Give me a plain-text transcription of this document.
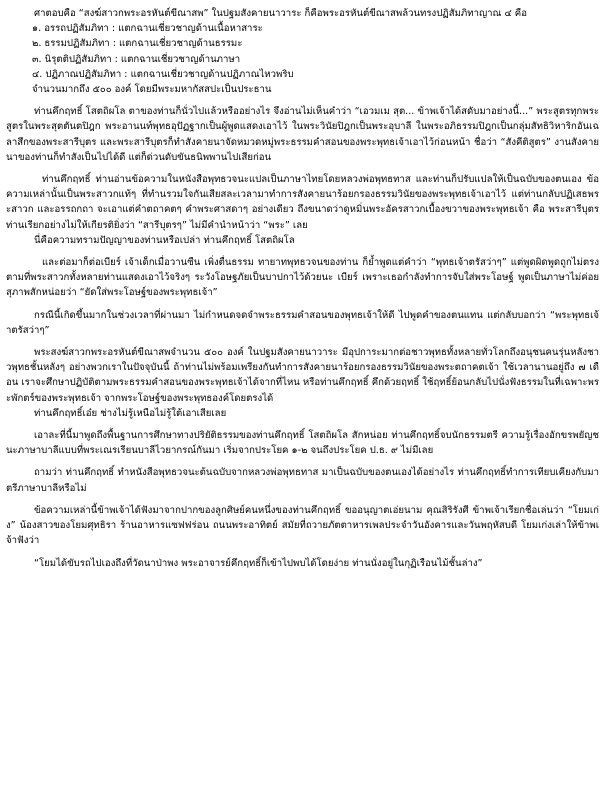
ศาตอบคือ “สงฆ์สาวกพระอรหันต์ขีณาสพ” ในปฐมสังคายนาวาระ ก็คือพระอรหันต์ขีณาสพล้วนทรงปฏิสัมภิทาญาณ ๔ คือ

๑. อรรถปฏิสัมภิทา : แตกฉานเชี่ยวชาญด้านเนื้อหาสาระ

๒. ธรรมปฏิสัมภิทา : แตกฉานเชี่ยวชาญด้านธรรมะ

๓. นิรุตติปฏิสัมภิทา : แตกฉานเชี่ยวชาญด้านภาษา

๔. ปฏิภาณปฏิสัมภิทา : แตกฉานเชี่ยวชาญด้านปฏิภาณไหวพริบ

จำนวนมากถึง ๕๐๐ องค์ โดยมีพระมหากัสสปะเป็นประธาน

ท่านคึกฤทธิ์ โสตถิผโล ตาของท่านก็นั่วไปแล้วหรืออย่างไร จึงอ่านไม่เห็นคำว่า “เอวมเม สุต... ข้าพเจ้าได้สดับมาอย่างนี้...” พระสูตรทุกพระสูตรในพระสุตตันตปิฎก พระอานนท์พุทธอุปัฏฐากเป็นผู้พูดแสดงเอาไว้ ในพระวินัยปิฎกเป็นพระอุบาลี ในพระอภิธรรมปิฎกเป็นกลุ่มสัทธิวิหาริกอันเฉลาสึกของพระสารีบุตร และพระสารีบุตรก็ทำสังคายนาจัดหมวดหมู่พระธรรมคำสอนของพระพุทธเจ้าเอาไว้ก่อนหน้า ชื่อว่า “สังคีติสูตร” งานสังคายนาของท่านก็ทำสังเป็นไปได้ดี แต่ก็ด่วนดับขันธนิพพานไปเสียก่อน

ท่านคึกฤทธิ์ ท่านอ่านข้อความในหนังสือพุทธวจนะแปลเป็นภาษาไทยโดยหลวงพ่อพุทธทาส และท่านก็ปรับแปลให้เป็นฉบับของตนเอง ข้อความเหล่านั้นเป็นพระสาวกแท้ๆ ที่ทำนรวมใจกันเสียสละเวลามาทำการสังคายนาร้อยกรองธรรมวินัยของพระพุทธเจ้าเอาไว้ แต่ท่านกลับปฏิเสธพระสาวก และอรรถกถา จะเอาแต่คำตถาคตๆ คำพระศาสดาๆ อย่างเดียว ถึงขนาดว่าดูหมิ่นพระอัครสาวกเบื้องขวาของพระพุทธเจ้า คือ พระสารีบุตร ท่านเรียกอย่างไม่ให้เกียรติยิ่งว่า “สารีบุตรๆ” ไม่มีคำนำหน้าว่า “พระ” เลย

นี่คือความทรามปัญญาของท่านหรือเปล่า ท่านคึกฤทธิ์ โสตถิผโล

และต่อมาก็ต่อเบียร์ เจ้าเด็กเมื่อวานซืน เพิ่งตื่นธรรม ทายาทพุทธวจนของท่าน ก็ย้ำพูดแต่คำว่า “พุทธเจ้าตรัสว่าๆ” แต่พูดผิดพูดถูกไม่ตรงตามที่พระสาวกทั้งหลายท่านแสดงเอาไว้จริงๆ ระวังโอษฐภัยเป็นบาปกาไว้ด้วยนะ เบียร์ เพราะเธอกำลังทำการจับใส่พระโอษฐ์ พูดเป็นภาษาไม่ค่อยสุภาพสักหน่อยว่า “ยัดใส่พระโอษฐ์ของพระพุทธเจ้า”

กรณีนี้เกิดขึ้นมากในช่วงเวลาที่ผ่านมา ไม่กำหนดจดจำพระธรรมคำสอนของพุทธเจ้าให้ดี ไปพูดคำของตนแทน แต่กลับบอกว่า “พระพุทธเจ้าตรัสว่าๆ”

พระสงฆ์สาวกพระอรหันต์ขีณาสพจำนวน ๕๐๐ องค์ ในปฐมสังคายนาวาระ มีอุปการะมากต่อชาวพุทธทั้งหลายทั่วโลกถึงอนุชนคนรุ่นหลังชาวพุทธชั้นหลังๆ อย่างพวกเราในปัจจุบันนี้ ถ้าท่านไม่พร้อมเพรียงกันทำการสังคายนาร้อยกรองธรรมวินัยของพระตถาคตเจ้า ใช้เวลานานอยู่ถึง ๗ เดือน เราจะศึกษาปฏิบัติตามพระธรรมคำสอนของพระพุทธเจ้าได้จากที่ไหน หรือท่านคึกฤทธิ์ คึกด้วยฤทธิ์ ใช้ฤทธิ์ย้อนกลับไปนั่งฟังธรรมในที่เฉพาะพระพักตร์ของพระพุทธเจ้า จากพระโอษฐ์ของพระพุทธองค์โดยตรงได้

ท่านคึกฤทธิ์เอ๋ย ช่างไม่รู้เหนือไม่รู้ใต้เอาเสียเลย

เอาละที่นี้มาพูดถึงพื้นฐานการศึกษาทางปริยัติธรรมของท่านคึกฤทธิ์ โสตถิผโล สักหน่อย ท่านคึกฤทธิ์จบนักธรรมตรี ความรู้เรื่องอักขรพยัญชนะภาษาบาลีแบบที่พระเณรเรียนบาลีไวยากรณ์กันมา เริ่มจากประโยค ๑-๒ จนถึงประโยค ป.ธ. ๙ ไม่มีเลย

ถามว่า ท่านคึกฤทธิ์ ทำหนังสือพุทธวจนะต้นฉบับจากหลวงพ่อพุทธทาส มาเป็นฉบับของตนเองได้อย่างไร ท่านคึกฤทธิ์ทำการเทียบเคียงกับมาตรีภาษาบาลีหรือไม่

ข้อความเหล่านี้ข้าพเจ้าได้ฟังมาจากปากของลูกศิษย์คนหนึ่งของท่านคึกฤทธิ์ ขออนุญาตเอ่ยนาม คุณสิริรังศี ข้าพเจ้าเรียกชื่อเล่นว่า “โยมเก่ง” น้องสาวของโยมศุทธิรา ร้านอาหารแซฟฟร่อน ถนนพระอาทิตย์ สมัยที่ถวายภัตตาหารเพลประจำวันอังคารและวันพฤหัสบดี โยมเก่งเล่าให้ข้าพเจ้าฟังว่า

“โยมได้ขับรถไปเองถึงที่วัดนาป่าพง พระอาจารย์คึกฤทธิ์ก็เข้าไปพบได้โดยง่าย ท่านนั่งอยู่ในกุฏิเรือนไม้ชั้นล่าง”
